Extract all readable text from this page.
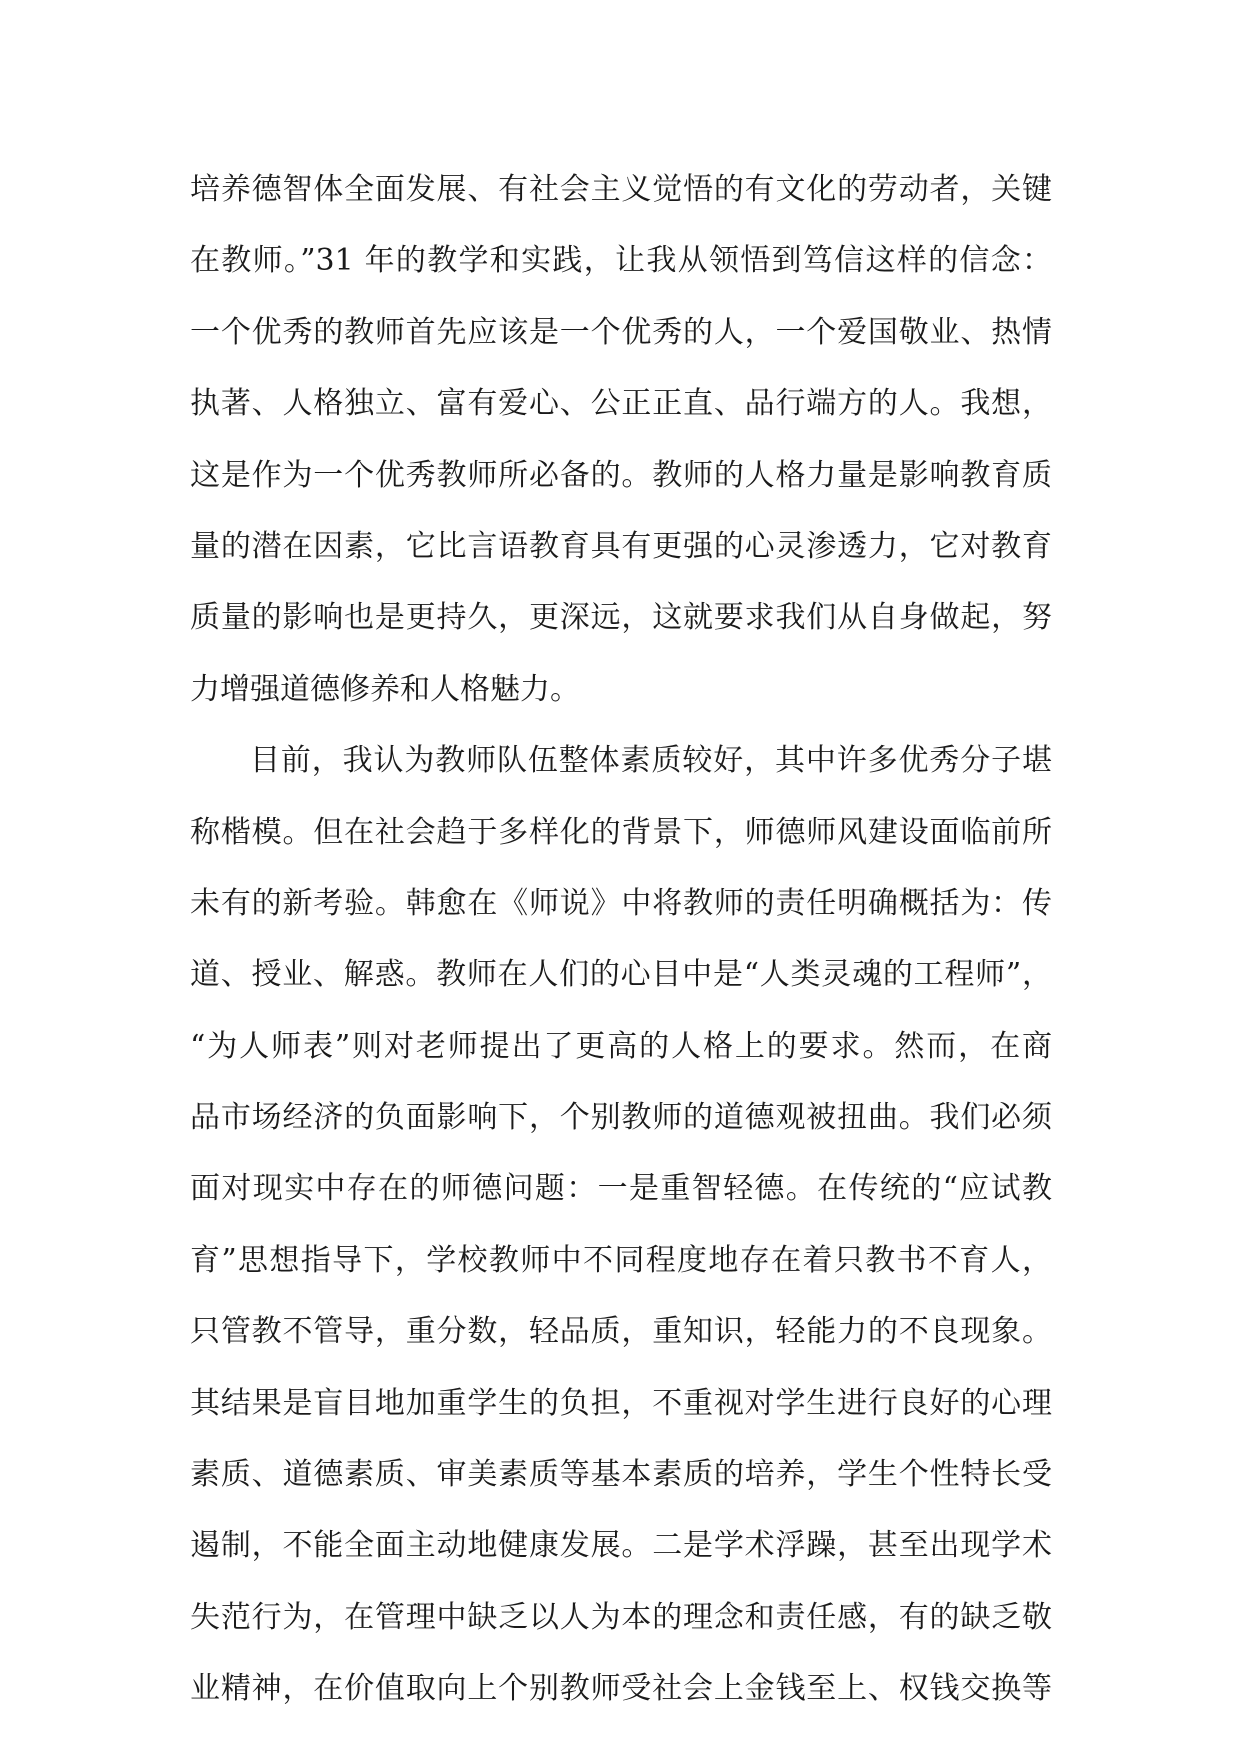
培养德智体全面发展、有社会主义觉悟的有文化的劳动者，关键
在教师。”31 年的教学和实践，让我从领悟到笃信这样的信念：
一个优秀的教师首先应该是一个优秀的人，一个爱国敬业、热情
执著、人格独立、富有爱心、公正正直、品行端方的人。我想，
这是作为一个优秀教师所必备的。教师的人格力量是影响教育质
量的潜在因素，它比言语教育具有更强的心灵渗透力，它对教育
质量的影响也是更持久，更深远，这就要求我们从自身做起，努
力增强道德修养和人格魅力。
目前，我认为教师队伍整体素质较好，其中许多优秀分子堪
称楷模。但在社会趋于多样化的背景下，师德师风建设面临前所
未有的新考验。韩愈在《师说》中将教师的责任明确概括为：传
道、授业、解惑。教师在人们的心目中是“人类灵魂的工程师”，
“为人师表”则对老师提出了更高的人格上的要求。然而，在商
品市场经济的负面影响下，个别教师的道德观被扭曲。我们必须
面对现实中存在的师德问题：一是重智轻德。在传统的“应试教
育”思想指导下，学校教师中不同程度地存在着只教书不育人，
只管教不管导，重分数，轻品质，重知识，轻能力的不良现象。
其结果是盲目地加重学生的负担，不重视对学生进行良好的心理
素质、道德素质、审美素质等基本素质的培养，学生个性特长受
遏制，不能全面主动地健康发展。二是学术浮躁，甚至出现学术
失范行为，在管理中缺乏以人为本的理念和责任感，有的缺乏敬
业精神，在价值取向上个别教师受社会上金钱至上、权钱交换等
